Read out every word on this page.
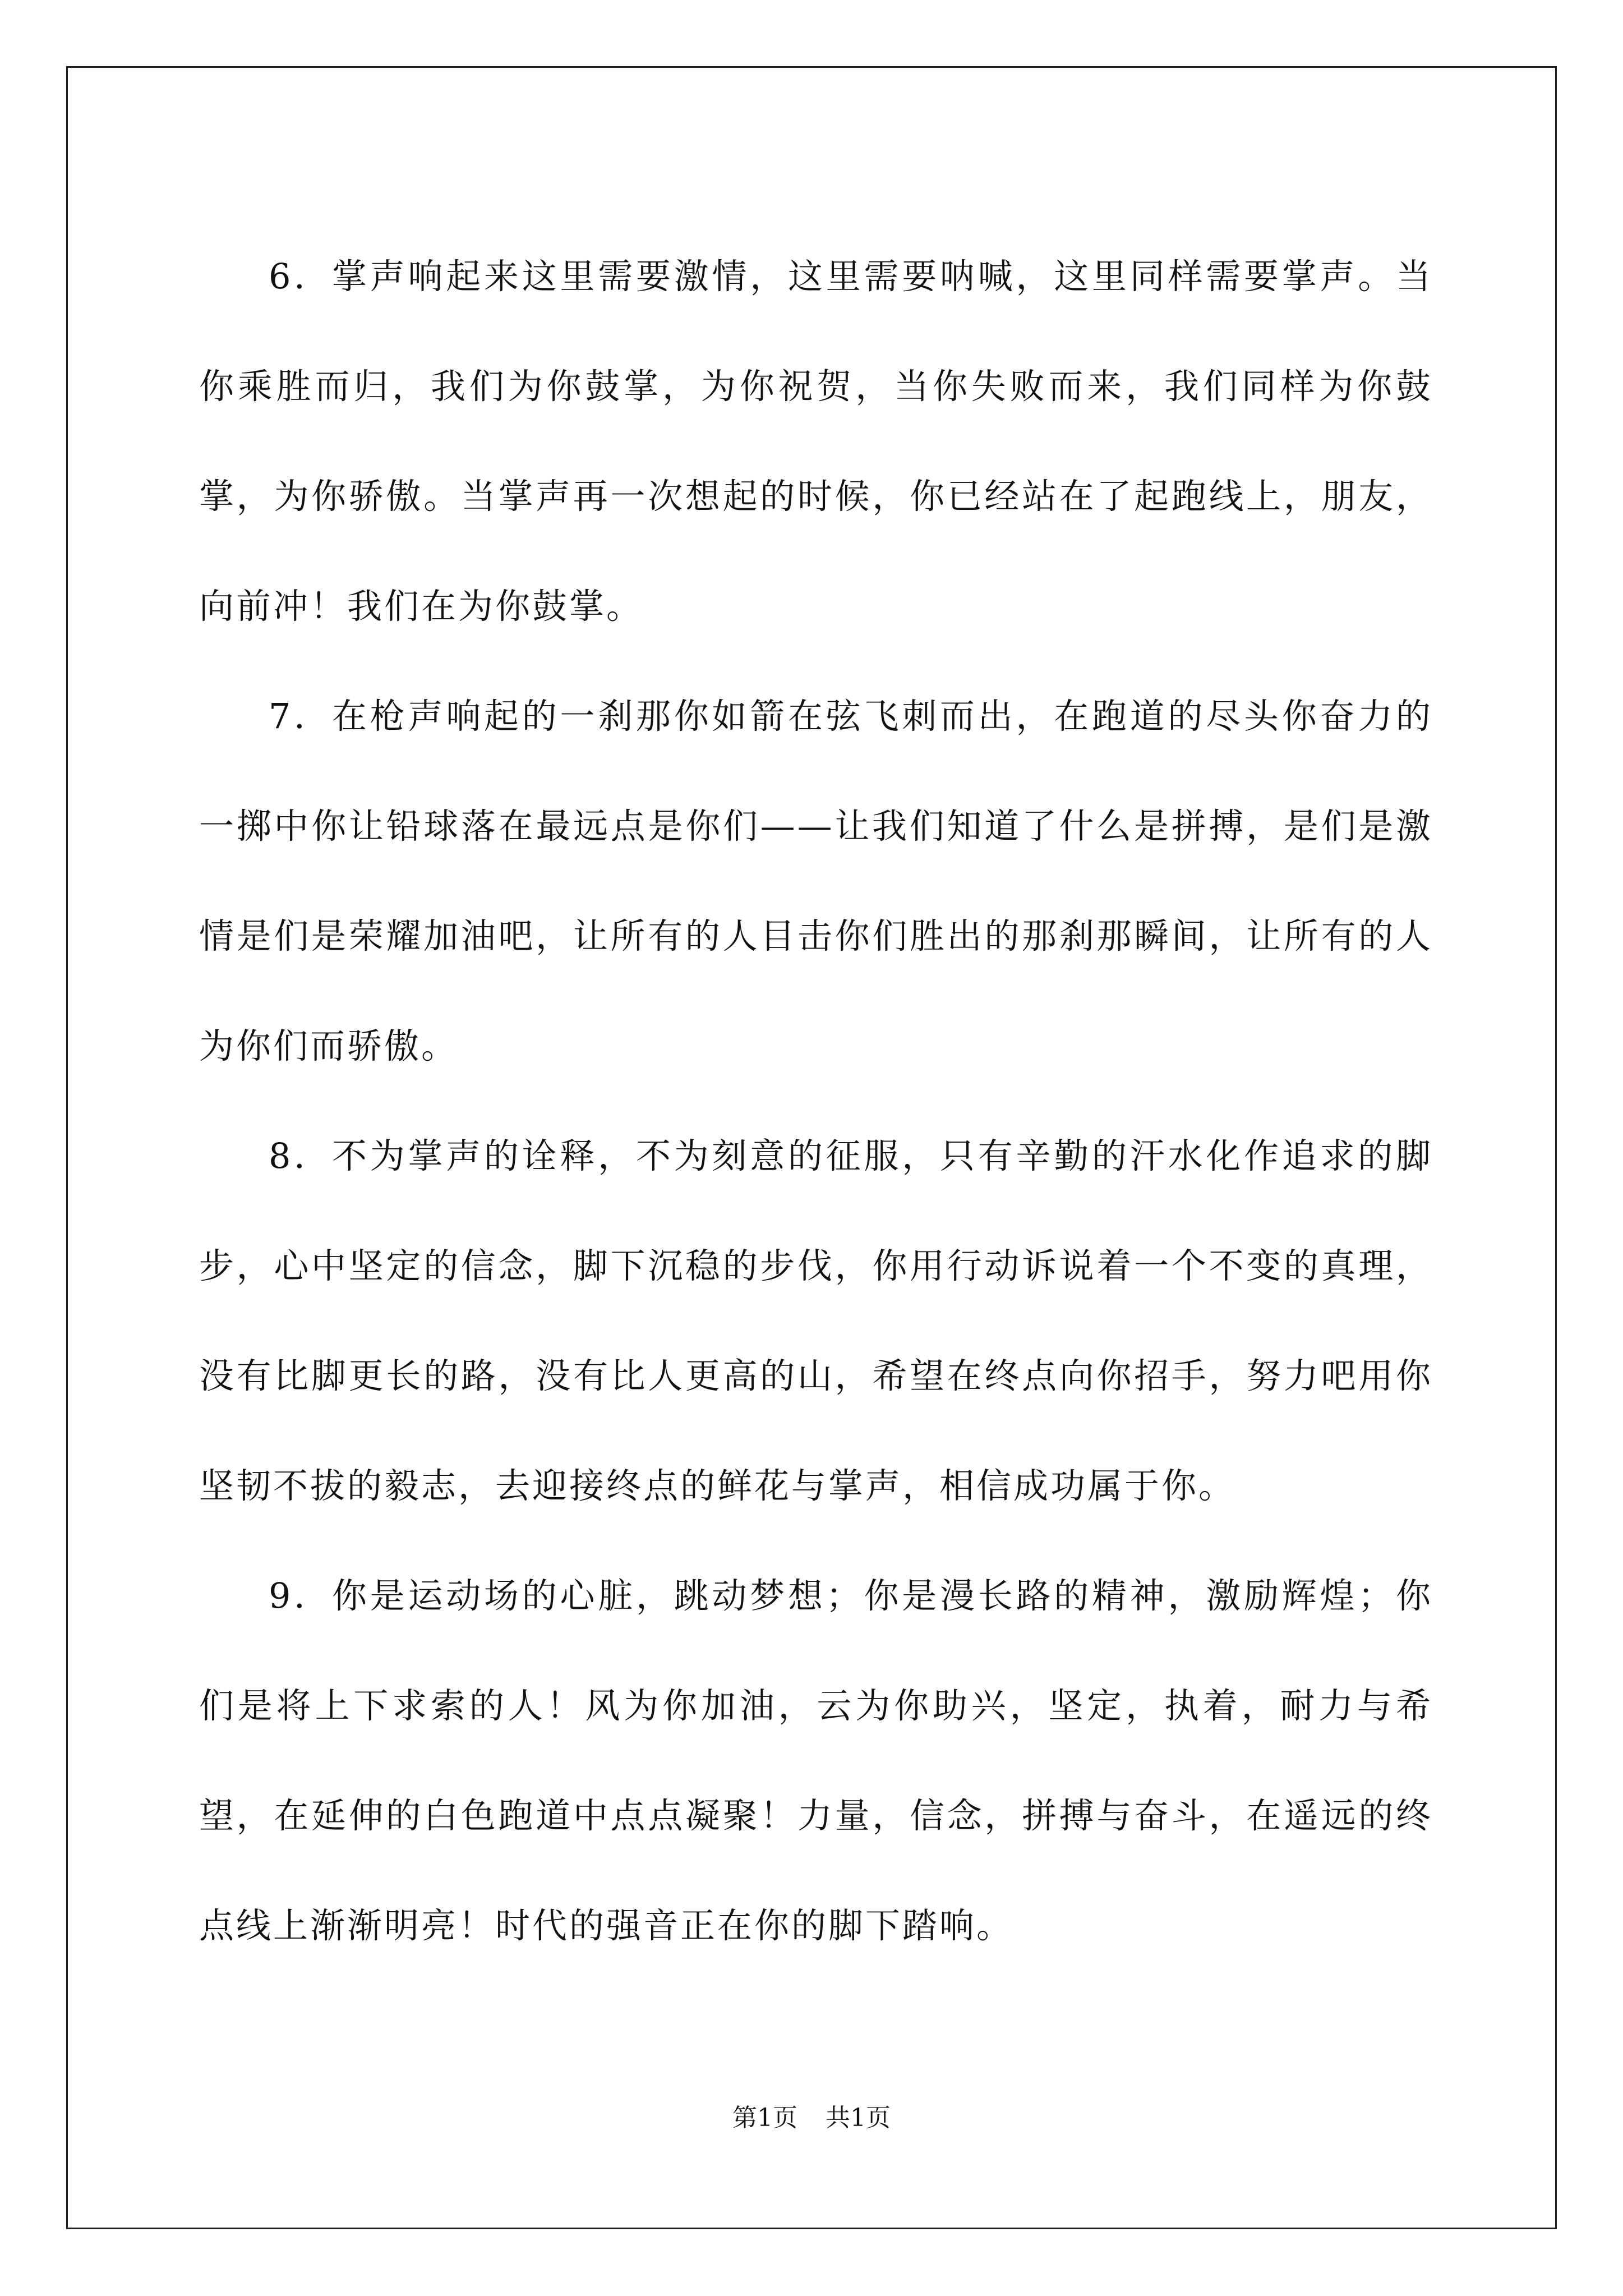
6．掌声响起来这里需要激情，这里需要呐喊，这里同样需要掌声。当你乘胜而归，我们为你鼓掌，为你祝贺，当你失败而来，我们同样为你鼓掌，为你骄傲。当掌声再一次想起的时候，你已经站在了起跑线上，朋友，向前冲！我们在为你鼓掌。

7．在枪声响起的一刹那你如箭在弦飞刺而出，在跑道的尽头你奋力的一掷中你让铅球落在最远点是你们——让我们知道了什么是拼搏，是们是激情是们是荣耀加油吧，让所有的人目击你们胜出的那刹那瞬间，让所有的人为你们而骄傲。

8．不为掌声的诠释，不为刻意的征服，只有辛勤的汗水化作追求的脚步，心中坚定的信念，脚下沉稳的步伐，你用行动诉说着一个不变的真理，没有比脚更长的路，没有比人更高的山，希望在终点向你招手，努力吧用你坚韧不拔的毅志，去迎接终点的鲜花与掌声，相信成功属于你。

9．你是运动场的心脏，跳动梦想；你是漫长路的精神，激励辉煌；你们是将上下求索的人！风为你加油，云为你助兴，坚定，执着，耐力与希望，在延伸的白色跑道中点点凝聚！力量，信念，拼搏与奋斗，在遥远的终点线上渐渐明亮！时代的强音正在你的脚下踏响。

第1页 共1页
